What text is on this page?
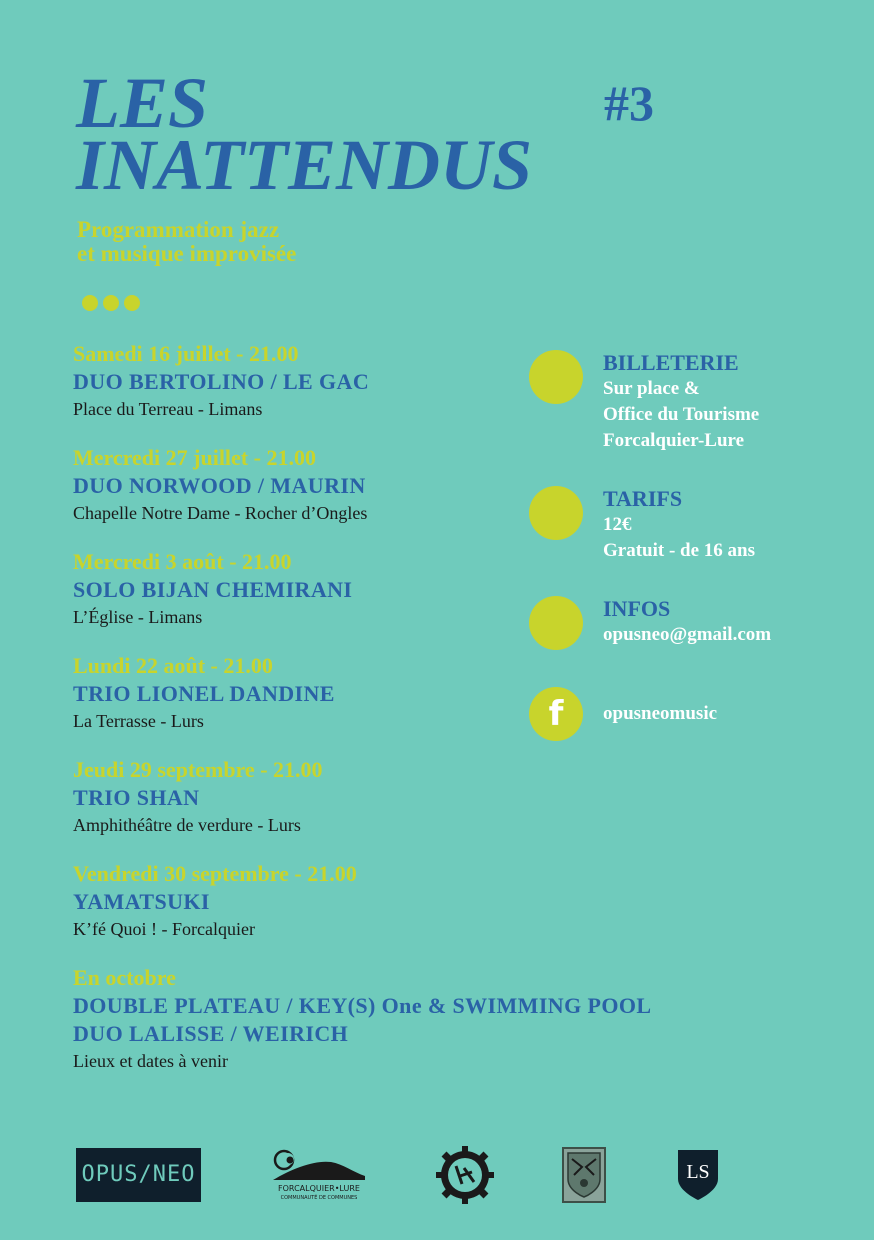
LES
INATTENDUS
#3
Programmation jazz
et musique improvisée
Samedi 16 juillet - 21.00
DUO BERTOLINO / LE GAC
Place du Terreau - Limans
Mercredi 27 juillet - 21.00
DUO NORWOOD / MAURIN
Chapelle Notre Dame - Rocher d’Ongles
Mercredi 3 août - 21.00
SOLO BIJAN CHEMIRANI
L’Église - Limans
Lundi 22 août - 21.00
TRIO LIONEL DANDINE
La Terrasse - Lurs
Jeudi 29 septembre - 21.00
TRIO SHAN
Amphithéâtre de verdure - Lurs
Vendredi 30 septembre - 21.00
YAMATSUKI
K’fé Quoi ! - Forcalquier
En octobre
DOUBLE PLATEAU / KEY(S) One & SWIMMING POOL
DUO LALISSE / WEIRICH
Lieux et dates à venir
BILLETERIE
Sur place &
Office du Tourisme
Forcalquier-Lure
TARIFS
12€
Gratuit - de 16 ans
INFOS
opusneo@gmail.com
f opusneomusic
OPUS/NEO
FORCALQUIER•LURE
COMMUNAUTÉ DE COMMUNES
LS
